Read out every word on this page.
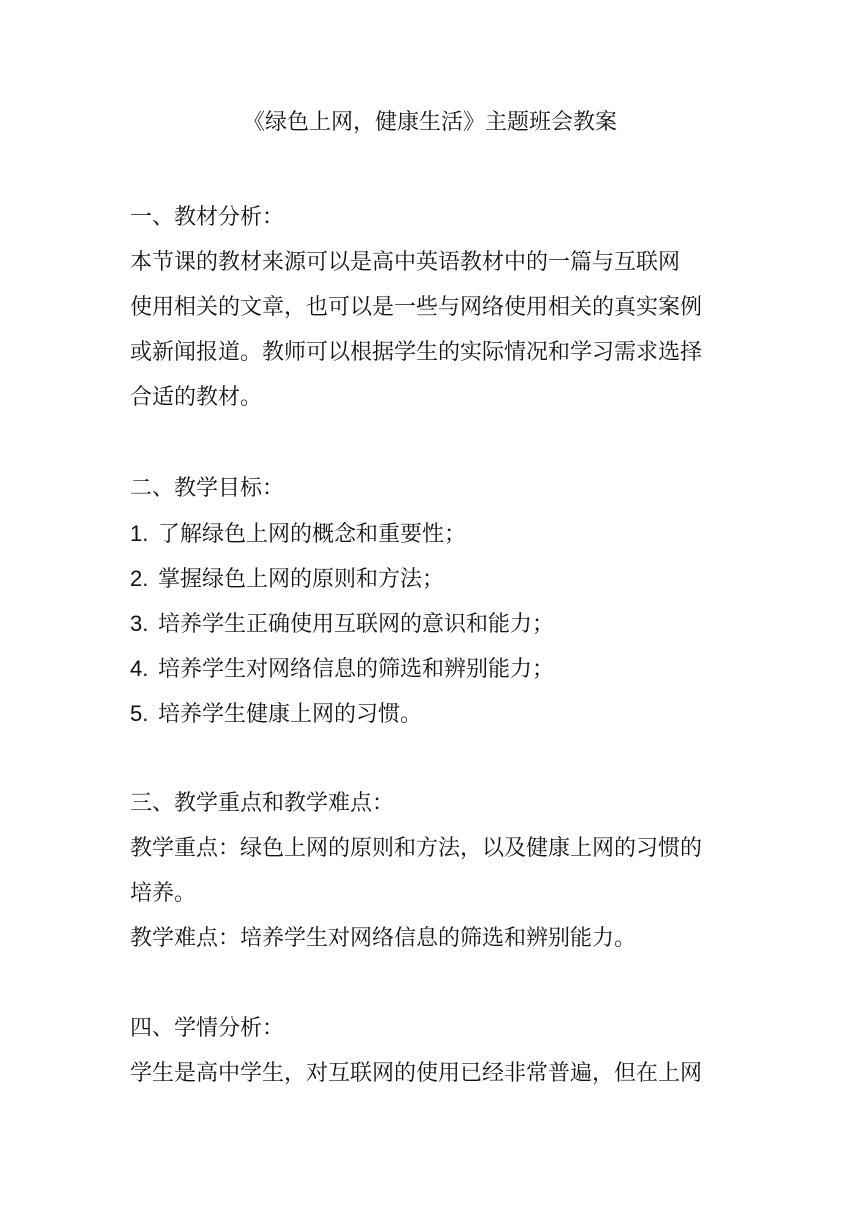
《绿色上网，健康生活》主题班会教案

一、教材分析：

本节课的教材来源可以是高中英语教材中的一篇与互联网

使用相关的文章，也可以是一些与网络使用相关的真实案例

或新闻报道。教师可以根据学生的实际情况和学习需求选择

合适的教材。

二、教学目标：

1. 了解绿色上网的概念和重要性；

2. 掌握绿色上网的原则和方法；

3. 培养学生正确使用互联网的意识和能力；

4. 培养学生对网络信息的筛选和辨别能力；

5. 培养学生健康上网的习惯。

三、教学重点和教学难点：

教学重点：绿色上网的原则和方法，以及健康上网的习惯的

培养。

教学难点：培养学生对网络信息的筛选和辨别能力。

四、学情分析：

学生是高中学生，对互联网的使用已经非常普遍，但在上网
